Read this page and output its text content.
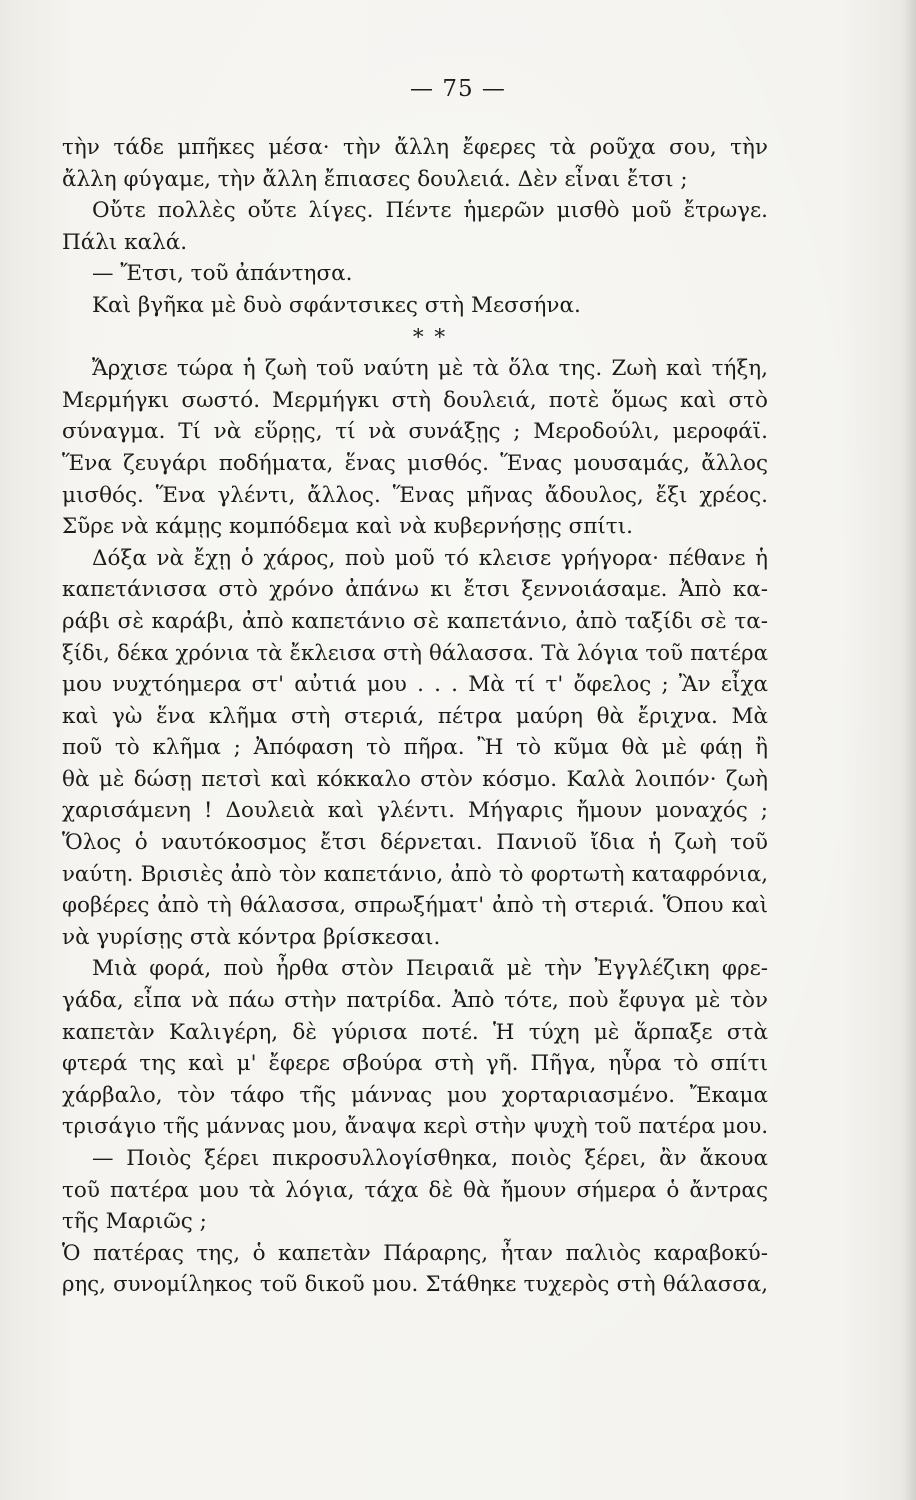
— 75 —
τὴν τάδε μπῆκες μέσα· τὴν ἄλλη ἔφερες τὰ ροῦχα σου, τὴν
ἄλλη φύγαμε, τὴν ἄλλη ἔπιασες δουλειά. Δὲν εἶναι ἔτσι ;
Οὔτε πολλὲς οὔτε λίγες. Πέντε ἡμερῶν μισθὸ μοῦ ἔτρωγε.
Πάλι καλά.
— Ἔτσι, τοῦ ἀπάντησα.
Καὶ βγῆκα μὲ δυὸ σφάντσικες στὴ Μεσσήνα.
* *
Ἄρχισε τώρα ἡ ζωὴ τοῦ ναύτη μὲ τὰ ὅλα της. Ζωὴ καὶ τήξη,
Μερμήγκι σωστό. Μερμήγκι στὴ δουλειά, ποτὲ ὅμως καὶ στὸ
σύναγμα. Τί νὰ εὕρῃς, τί νὰ συνάξῃς ; Μεροδούλι, μεροφάϊ.
Ἕνα ζευγάρι ποδήματα, ἕνας μισθός. Ἕνας μουσαμάς, ἄλλος
μισθός. Ἕνα γλέντι, ἄλλος. Ἕνας μῆνας ἄδουλος, ἔξι χρέος.
Σῦρε νὰ κάμῃς κομπόδεμα καὶ νὰ κυβερνήσῃς σπίτι.
Δόξα νὰ ἔχῃ ὁ χάρος, ποὺ μοῦ τό κλεισε γρήγορα· πέθανε ἡ
καπετάνισσα στὸ χρόνο ἀπάνω κι ἔτσι ξεννοιάσαμε. Ἀπὸ κα-
ράβι σὲ καράβι, ἀπὸ καπετάνιο σὲ καπετάνιο, ἀπὸ ταξίδι σὲ τα-
ξίδι, δέκα χρόνια τὰ ἔκλεισα στὴ θάλασσα. Τὰ λόγια τοῦ πατέρα
μου νυχτόημερα στ' αὐτιά μου . . . Μὰ τί τ' ὄφελος ; Ἂν εἶχα
καὶ γὼ ἕνα κλῆμα στὴ στεριά, πέτρα μαύρη θὰ ἔριχνα. Μὰ
ποῦ τὸ κλῆμα ; Ἀπόφαση τὸ πῆρα. Ἢ τὸ κῦμα θὰ μὲ φάῃ ἢ
θὰ μὲ δώσῃ πετσὶ καὶ κόκκαλο στὸν κόσμο. Καλὰ λοιπόν· ζωὴ
χαρισάμενη ! Δουλειὰ καὶ γλέντι. Μήγαρις ἤμουν μοναχός ;
Ὅλος ὁ ναυτόκοσμος ἔτσι δέρνεται. Πανιοῦ ἴδια ἡ ζωὴ τοῦ
ναύτη. Βρισιὲς ἀπὸ τὸν καπετάνιο, ἀπὸ τὸ φορτωτὴ καταφρόνια,
φοβέρες ἀπὸ τὴ θάλασσα, σπρωξήματ' ἀπὸ τὴ στεριά. Ὅπου καὶ
νὰ γυρίσῃς στὰ κόντρα βρίσκεσαι.
Μιὰ φορά, ποὺ ἦρθα στὸν Πειραιᾶ μὲ τὴν Ἐγγλέζικη φρε-
γάδα, εἶπα νὰ πάω στὴν πατρίδα. Ἀπὸ τότε, ποὺ ἔφυγα μὲ τὸν
καπετὰν Καλιγέρη, δὲ γύρισα ποτέ. Ἡ τύχη μὲ ἅρπαξε στὰ
φτερά της καὶ μ' ἔφερε σβούρα στὴ γῆ. Πῆγα, ηὗρα τὸ σπίτι
χάρβαλο, τὸν τάφο τῆς μάννας μου χορταριασμένο. Ἔκαμα
τρισάγιο τῆς μάννας μου, ἄναψα κερὶ στὴν ψυχὴ τοῦ πατέρα μου.
— Ποιὸς ξέρει πικροσυλλογίσθηκα, ποιὸς ξέρει, ἂν ἄκουα
τοῦ πατέρα μου τὰ λόγια, τάχα δὲ θὰ ἤμουν σήμερα ὁ ἄντρας
τῆς Μαριῶς ;
Ὁ πατέρας της, ὁ καπετὰν Πάραρης, ἦταν παλιὸς καραβοκύ-
ρης, συνομίληκος τοῦ δικοῦ μου. Στάθηκε τυχερὸς στὴ θάλασσα,
